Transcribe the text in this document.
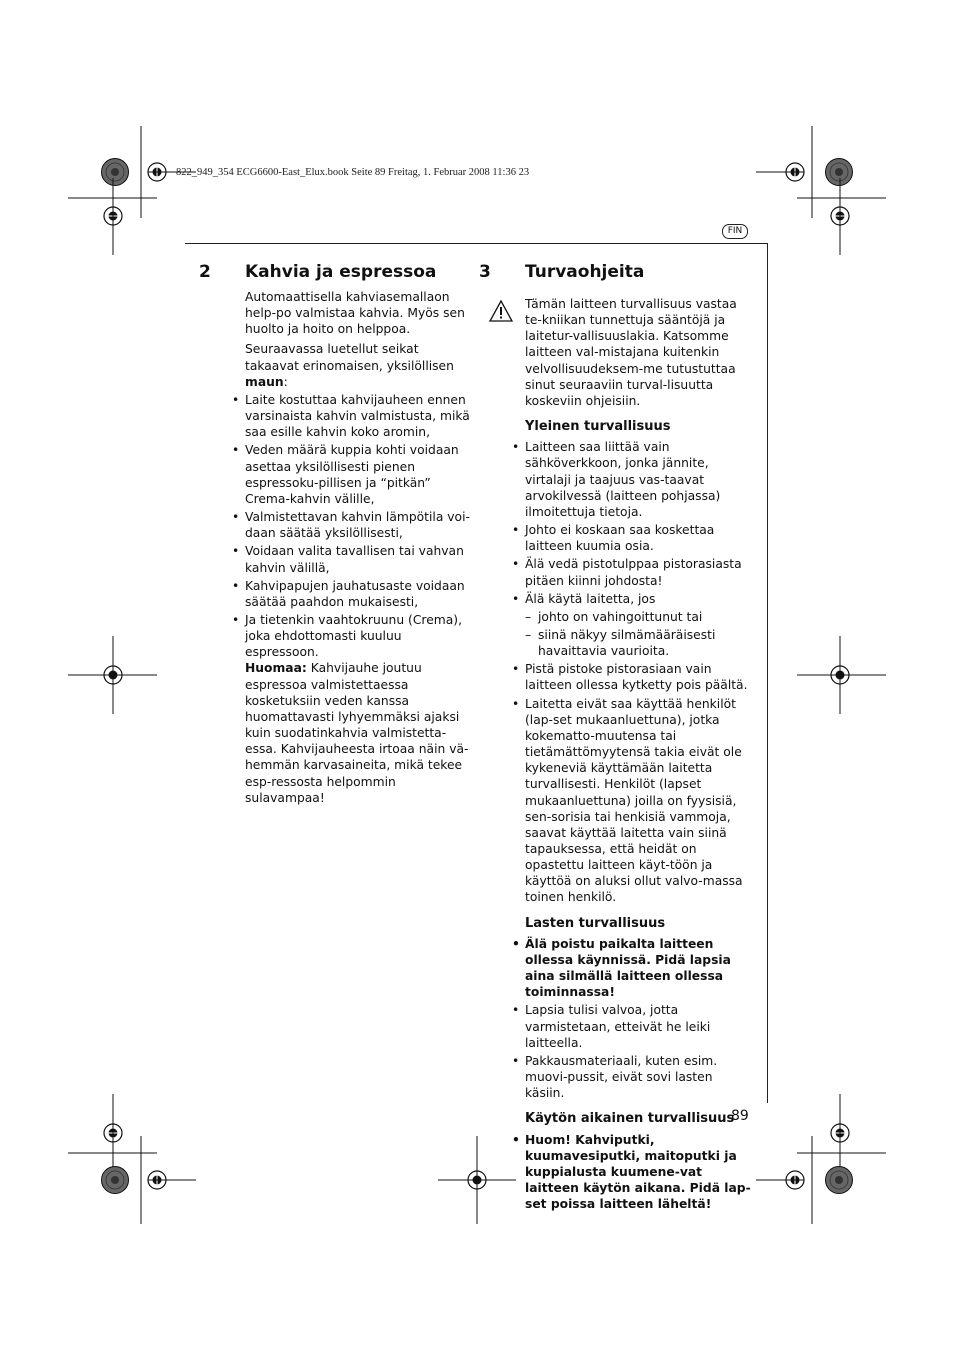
822_949_354 ECG6600-East_Elux.book Seite 89 Freitag, 1. Februar 2008 11:36 23
FIN
2 Kahvia ja espressoa

Automaattisella kahviasemallaon help-po valmistaa kahvia. Myös sen huolto ja hoito on helppoa.

Seuraavassa luetellut seikat takaavat erinomaisen, yksilöllisen maun:

• Laite kostuttaa kahvijauheen ennen varsinaista kahvin valmistusta, mikä saa esille kahvin koko aromin,
• Veden määrä kuppia kohti voidaan asettaa yksilöllisesti pienen espressoku-pillisen ja “pitkän” Crema-kahvin välille,
• Valmistettavan kahvin lämpötila voi-daan säätää yksilöllisesti,
• Voidaan valita tavallisen tai vahvan kahvin välillä,
• Kahvipapujen jauhatusaste voidaan säätää paahdon mukaisesti,
• Ja tietenkin vaahtokruunu (Crema), joka ehdottomasti kuuluu espressoon.

Huomaa: Kahvijauhe joutuu espressoa valmistettaessa kosketuksiin veden kanssa huomattavasti lyhyemmäksi ajaksi kuin suodatinkahvia valmistetta-essa. Kahvijauheesta irtoaa näin vä-hemmän karvasaineita, mikä tekee esp-ressosta helpommin sulavampaa!

3 Turvaohjeita

Tämän laitteen turvallisuus vastaa te-kniikan tunnettuja sääntöjä ja laitetur-vallisuuslakia. Katsomme laitteen val-mistajana kuitenkin velvollisuudeksem-me tutustuttaa sinut seuraaviin turval-lisuutta koskeviin ohjeisiin.

Yleinen turvallisuus

• Laitteen saa liittää vain sähköverkkoon, jonka jännite, virtalaji ja taajuus vas-taavat arvokilvessä (laitteen pohjassa) ilmoitettuja tietoja.
• Johto ei koskaan saa koskettaa laitteen kuumia osia.
• Älä vedä pistotulppaa pistorasiasta pitäen kiinni johdosta!
• Älä käytä laitetta, jos
– johto on vahingoittunut tai
– siinä näkyy silmämääräisesti havaittavia vaurioita.
• Pistä pistoke pistorasiaan vain laitteen ollessa kytketty pois päältä.
• Laitetta eivät saa käyttää henkilöt (lap-set mukaanluettuna), jotka kokematto-muutensa tai tietämättömyytensä takia eivät ole kykeneviä käyttämään laitetta turvallisesti. Henkilöt (lapset mukaanluettuna) joilla on fyysisiä, sen-sorisia tai henkisiä vammoja, saavat käyttää laitetta vain siinä tapauksessa, että heidät on opastettu laitteen käyt-töön ja käyttöä on aluksi ollut valvo-massa toinen henkilö.

Lasten turvallisuus

• Älä poistu paikalta laitteen ollessa käynnissä. Pidä lapsia aina silmällä laitteen ollessa toiminnassa!
• Lapsia tulisi valvoa, jotta varmistetaan, etteivät he leiki laitteella.
• Pakkausmateriaali, kuten esim. muovi-pussit, eivät sovi lasten käsiin.

Käytön aikainen turvallisuus

• Huom! Kahviputki, kuumavesiputki, maitoputki ja kuppialusta kuumene-vat laitteen käytön aikana. Pidä lap-set poissa laitteen läheltä!
89
